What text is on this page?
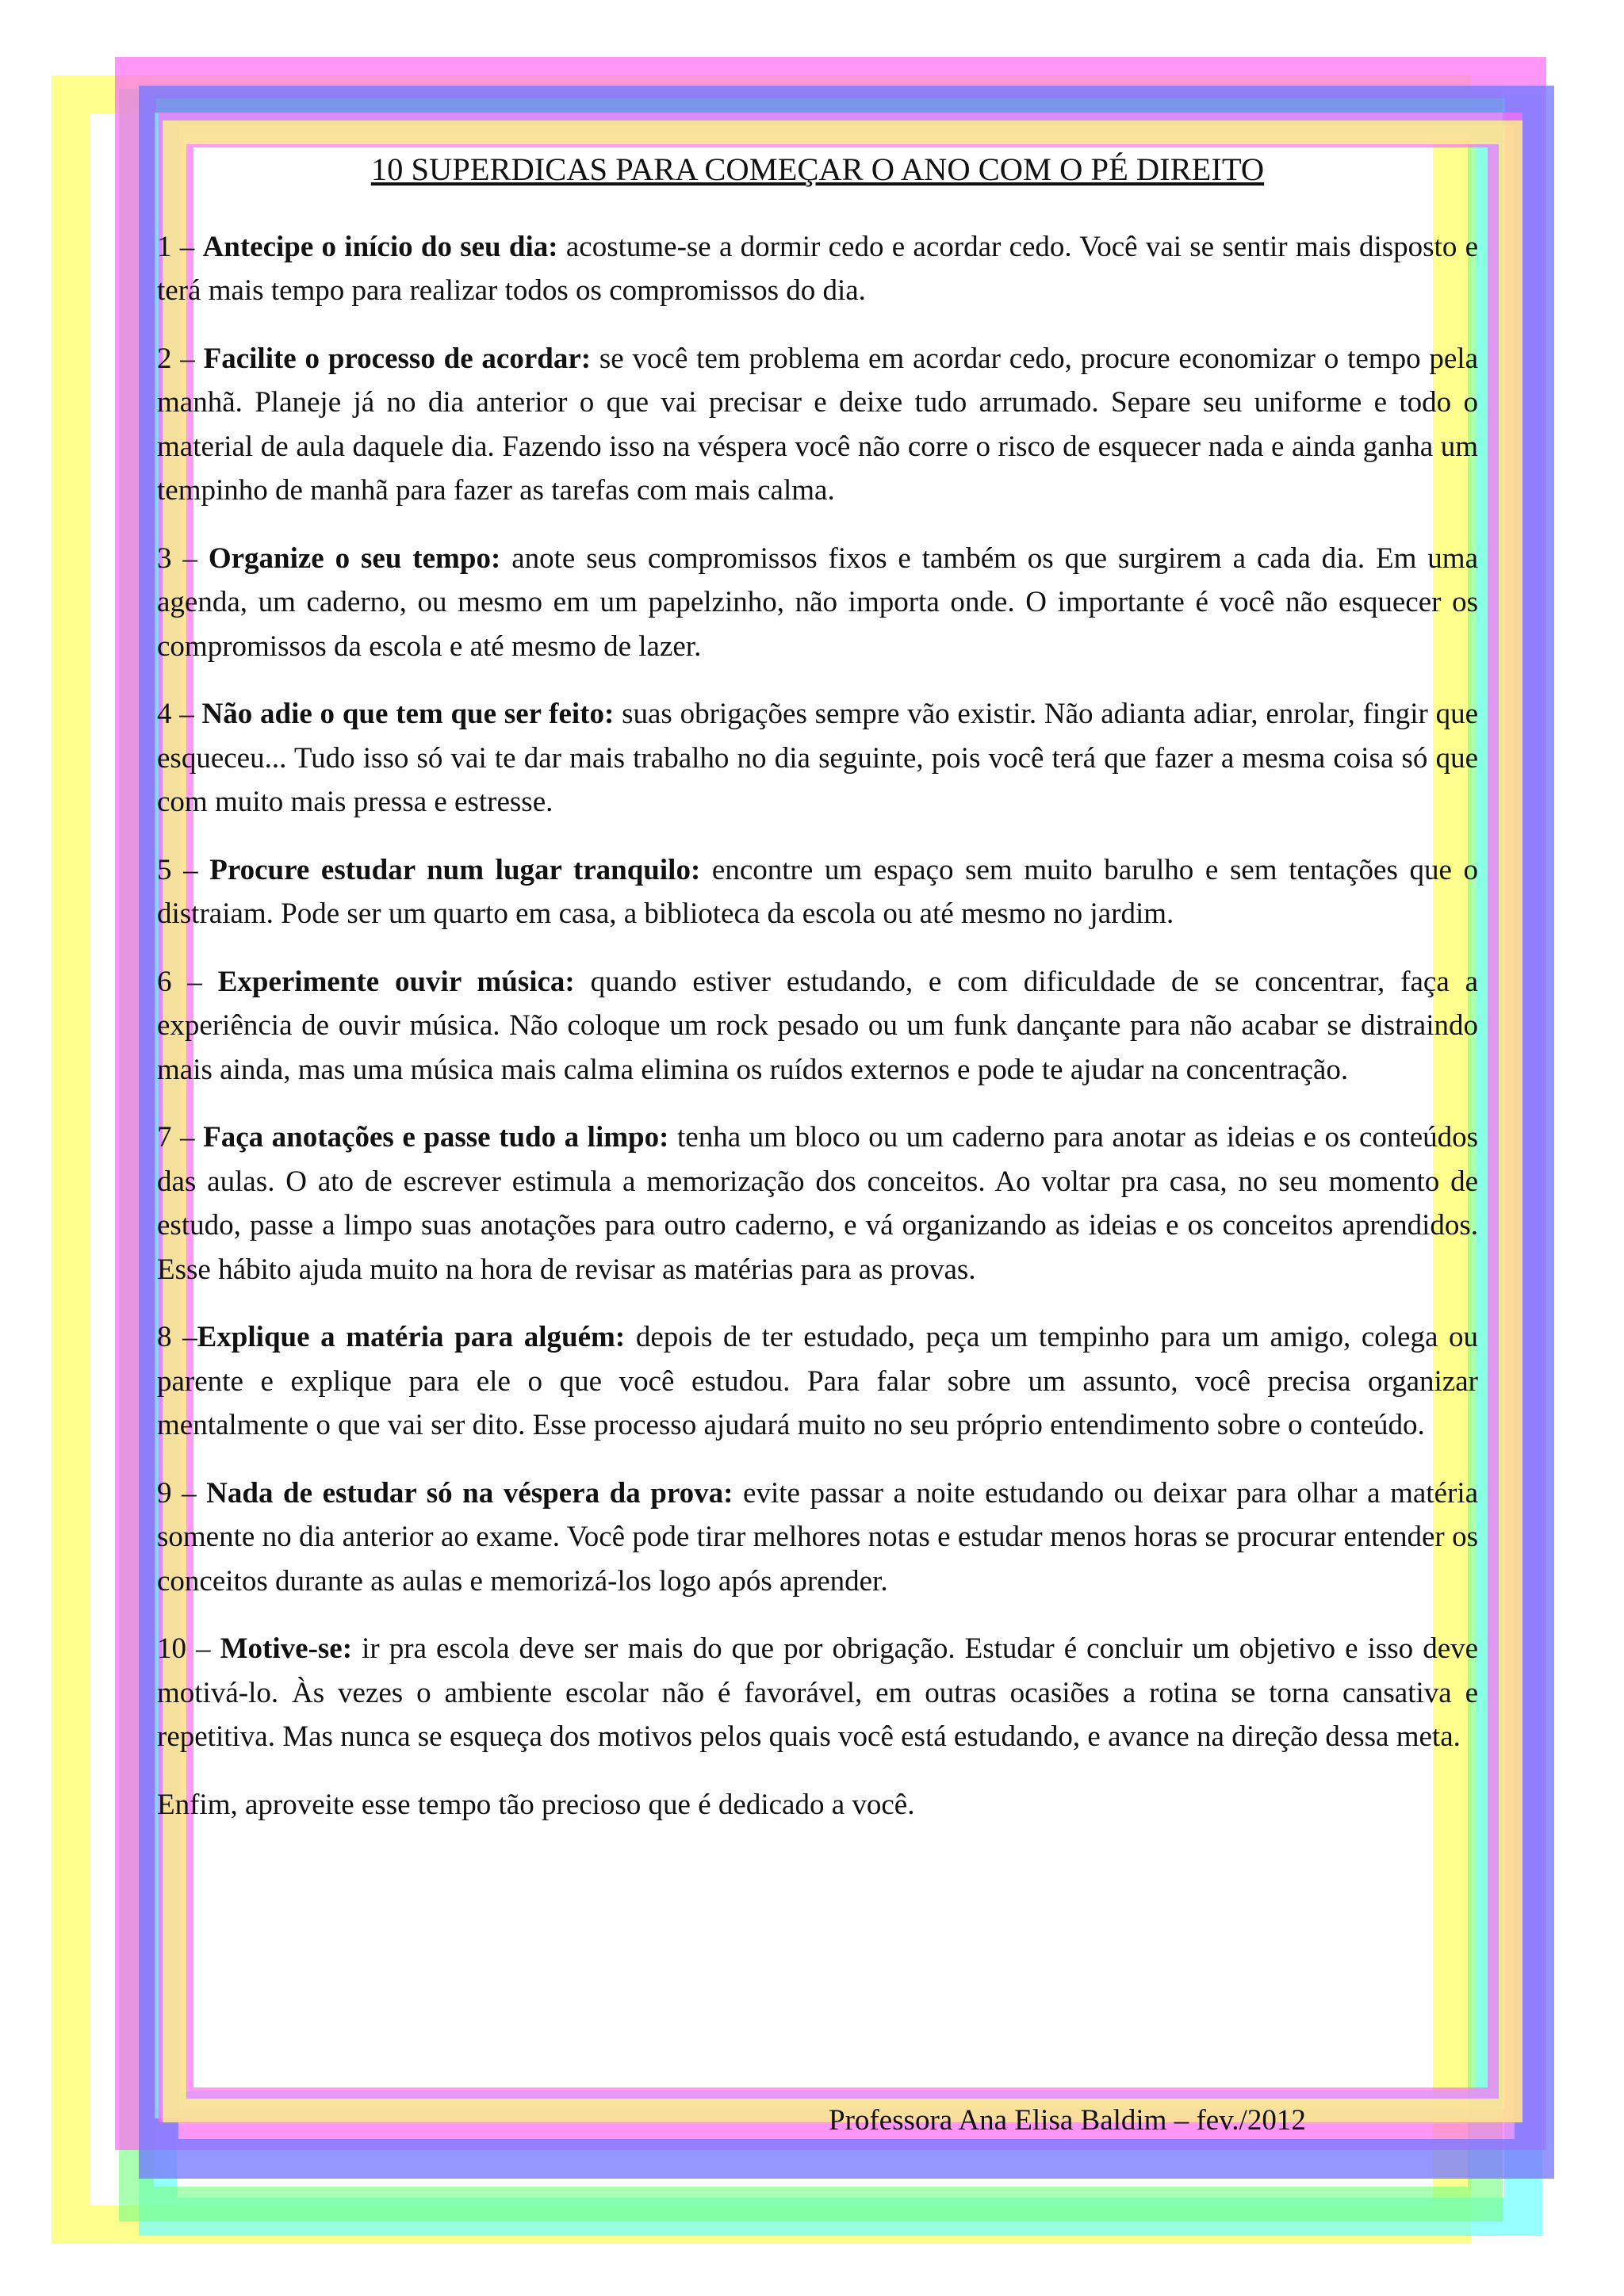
10 SUPERDICAS PARA COMEÇAR O ANO COM O PÉ DIREITO

1 – Antecipe o início do seu dia: acostume-se a dormir cedo e acordar cedo. Você vai se sentir mais disposto e terá mais tempo para realizar todos os compromissos do dia.

2 – Facilite o processo de acordar: se você tem problema em acordar cedo, procure economizar o tempo pela manhã. Planeje já no dia anterior o que vai precisar e deixe tudo arrumado. Separe seu uniforme e todo o material de aula daquele dia. Fazendo isso na véspera você não corre o risco de esquecer nada e ainda ganha um tempinho de manhã para fazer as tarefas com mais calma.

3 – Organize o seu tempo: anote seus compromissos fixos e também os que surgirem a cada dia. Em uma agenda, um caderno, ou mesmo em um papelzinho, não importa onde. O importante é você não esquecer os compromissos da escola e até mesmo de lazer.

4 – Não adie o que tem que ser feito: suas obrigações sempre vão existir. Não adianta adiar, enrolar, fingir que esqueceu... Tudo isso só vai te dar mais trabalho no dia seguinte, pois você terá que fazer a mesma coisa só que com muito mais pressa e estresse.

5 – Procure estudar num lugar tranquilo: encontre um espaço sem muito barulho e sem tentações que o distraiam. Pode ser um quarto em casa, a biblioteca da escola ou até mesmo no jardim.

6 – Experimente ouvir música: quando estiver estudando, e com dificuldade de se concentrar, faça a experiência de ouvir música. Não coloque um rock pesado ou um funk dançante para não acabar se distraindo mais ainda, mas uma música mais calma elimina os ruídos externos e pode te ajudar na concentração.

7 – Faça anotações e passe tudo a limpo: tenha um bloco ou um caderno para anotar as ideias e os conteúdos das aulas. O ato de escrever estimula a memorização dos conceitos. Ao voltar pra casa, no seu momento de estudo, passe a limpo suas anotações para outro caderno, e vá organizando as ideias e os conceitos aprendidos. Esse hábito ajuda muito na hora de revisar as matérias para as provas.

8 –Explique a matéria para alguém: depois de ter estudado, peça um tempinho para um amigo, colega ou parente e explique para ele o que você estudou. Para falar sobre um assunto, você precisa organizar mentalmente o que vai ser dito. Esse processo ajudará muito no seu próprio entendimento sobre o conteúdo.

9 – Nada de estudar só na véspera da prova: evite passar a noite estudando ou deixar para olhar a matéria somente no dia anterior ao exame. Você pode tirar melhores notas e estudar menos horas se procurar entender os conceitos durante as aulas e memorizá-los logo após aprender.

10 – Motive-se: ir pra escola deve ser mais do que por obrigação. Estudar é concluir um objetivo e isso deve motivá-lo. Às vezes o ambiente escolar não é favorável, em outras ocasiões a rotina se torna cansativa e repetitiva. Mas nunca se esqueça dos motivos pelos quais você está estudando, e avance na direção dessa meta.

Enfim, aproveite esse tempo tão precioso que é dedicado a você.

Professora Ana Elisa Baldim – fev./2012
